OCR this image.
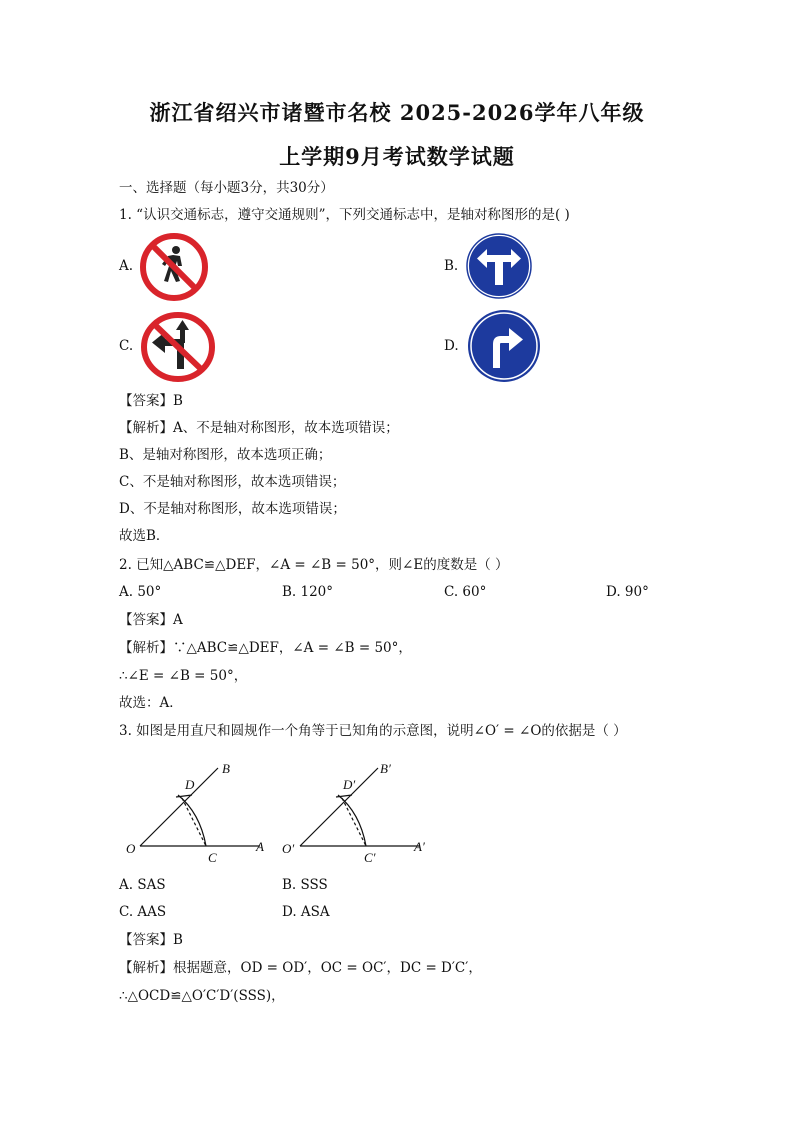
浙江省绍兴市诸暨市名校 2025-2026学年八年级
上学期9月考试数学试题
一、选择题（每小题3分，共30分）
1. “认识交通标志，遵守交通规则”，下列交通标志中，是轴对称图形的是( )
A.	B.
C.	D.
【答案】B
【解析】A、不是轴对称图形，故本选项错误；
B、是轴对称图形，故本选项正确；
C、不是轴对称图形，故本选项错误；
D、不是轴对称图形，故本选项错误；
故选B．
2. 已知△ABC≌△DEF，∠A = ∠B = 50°，则∠E的度数是（ ）
A. 50°	B. 120°	C. 60°	D. 90°
【答案】A
【解析】∵△ABC≌△DEF，∠A = ∠B = 50°，
∴∠E = ∠B = 50°，
故选：A．
3. 如图是用直尺和圆规作一个角等于已知角的示意图，说明∠O′ = ∠O的依据是（ ）
O	A
B
C
D
O′	A′
B′
C′
D′
A. SAS	B. SSS
C. AAS	D. ASA
【答案】B
【解析】根据题意，OD = OD′，OC = OC′，DC = D′C′，
∴△OCD≌△O′C′D′(SSS)，
